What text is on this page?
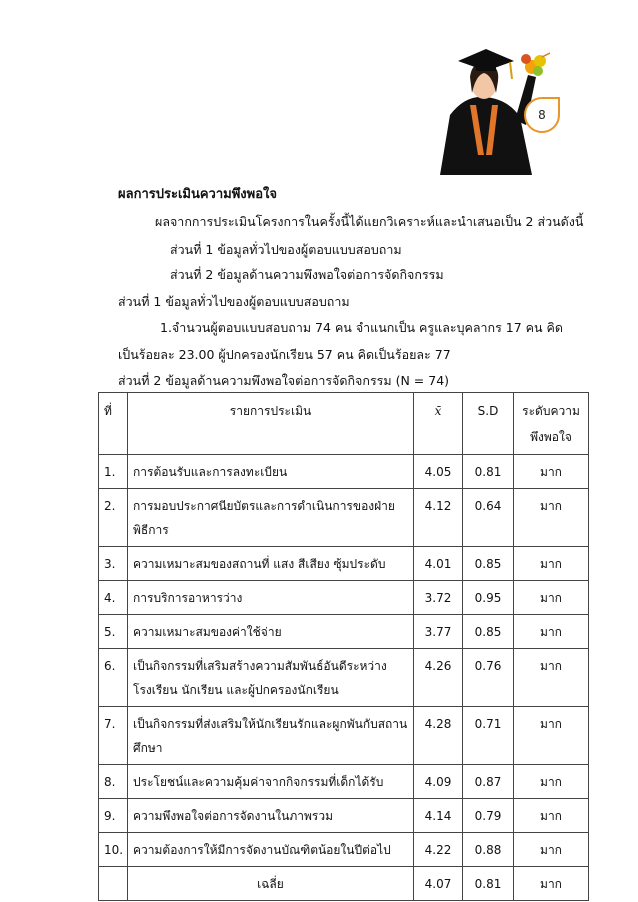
8
ผลการประเมินความพึงพอใจ
ผลจากการประเมินโครงการในครั้งนี้ได้แยกวิเคราะห์และนำเสนอเป็น 2 ส่วนดังนี้
ส่วนที่ 1 ข้อมูลทั่วไปของผู้ตอบแบบสอบถาม
ส่วนที่ 2 ข้อมูลด้านความพึงพอใจต่อการจัดกิจกรรม
ส่วนที่ 1 ข้อมูลทั่วไปของผู้ตอบแบบสอบถาม
1.จำนวนผู้ตอบแบบสอบถาม 74 คน จำแนกเป็น ครูและบุคลากร 17 คน คิด
เป็นร้อยละ 23.00 ผู้ปกครองนักเรียน 57 คน คิดเป็นร้อยละ 77
ส่วนที่ 2 ข้อมูลด้านความพึงพอใจต่อการจัดกิจกรรม (N = 74)
ที่	รายการประเมิน	x̄	S.D	ระดับความพึงพอใจ
1.	การต้อนรับและการลงทะเบียน	4.05	0.81	มาก
2.	การมอบประกาศนียบัตรและการดำเนินการของฝ่ายพิธีการ	4.12	0.64	มาก
3.	ความเหมาะสมของสถานที่ แสง สีเสียง ซุ้มประดับ	4.01	0.85	มาก
4.	การบริการอาหารว่าง	3.72	0.95	มาก
5.	ความเหมาะสมของค่าใช้จ่าย	3.77	0.85	มาก
6.	เป็นกิจกรรมที่เสริมสร้างความสัมพันธ์อันดีระหว่างโรงเรียน นักเรียน และผู้ปกครองนักเรียน	4.26	0.76	มาก
7.	เป็นกิจกรรมที่ส่งเสริมให้นักเรียนรักและผูกพันกับสถานศึกษา	4.28	0.71	มาก
8.	ประโยชน์และความคุ้มค่าจากกิจกรรมที่เด็กได้รับ	4.09	0.87	มาก
9.	ความพึงพอใจต่อการจัดงานในภาพรวม	4.14	0.79	มาก
10.	ความต้องการให้มีการจัดงานบัณฑิตน้อยในปีต่อไป	4.22	0.88	มาก
	เฉลี่ย	4.07	0.81	มาก
